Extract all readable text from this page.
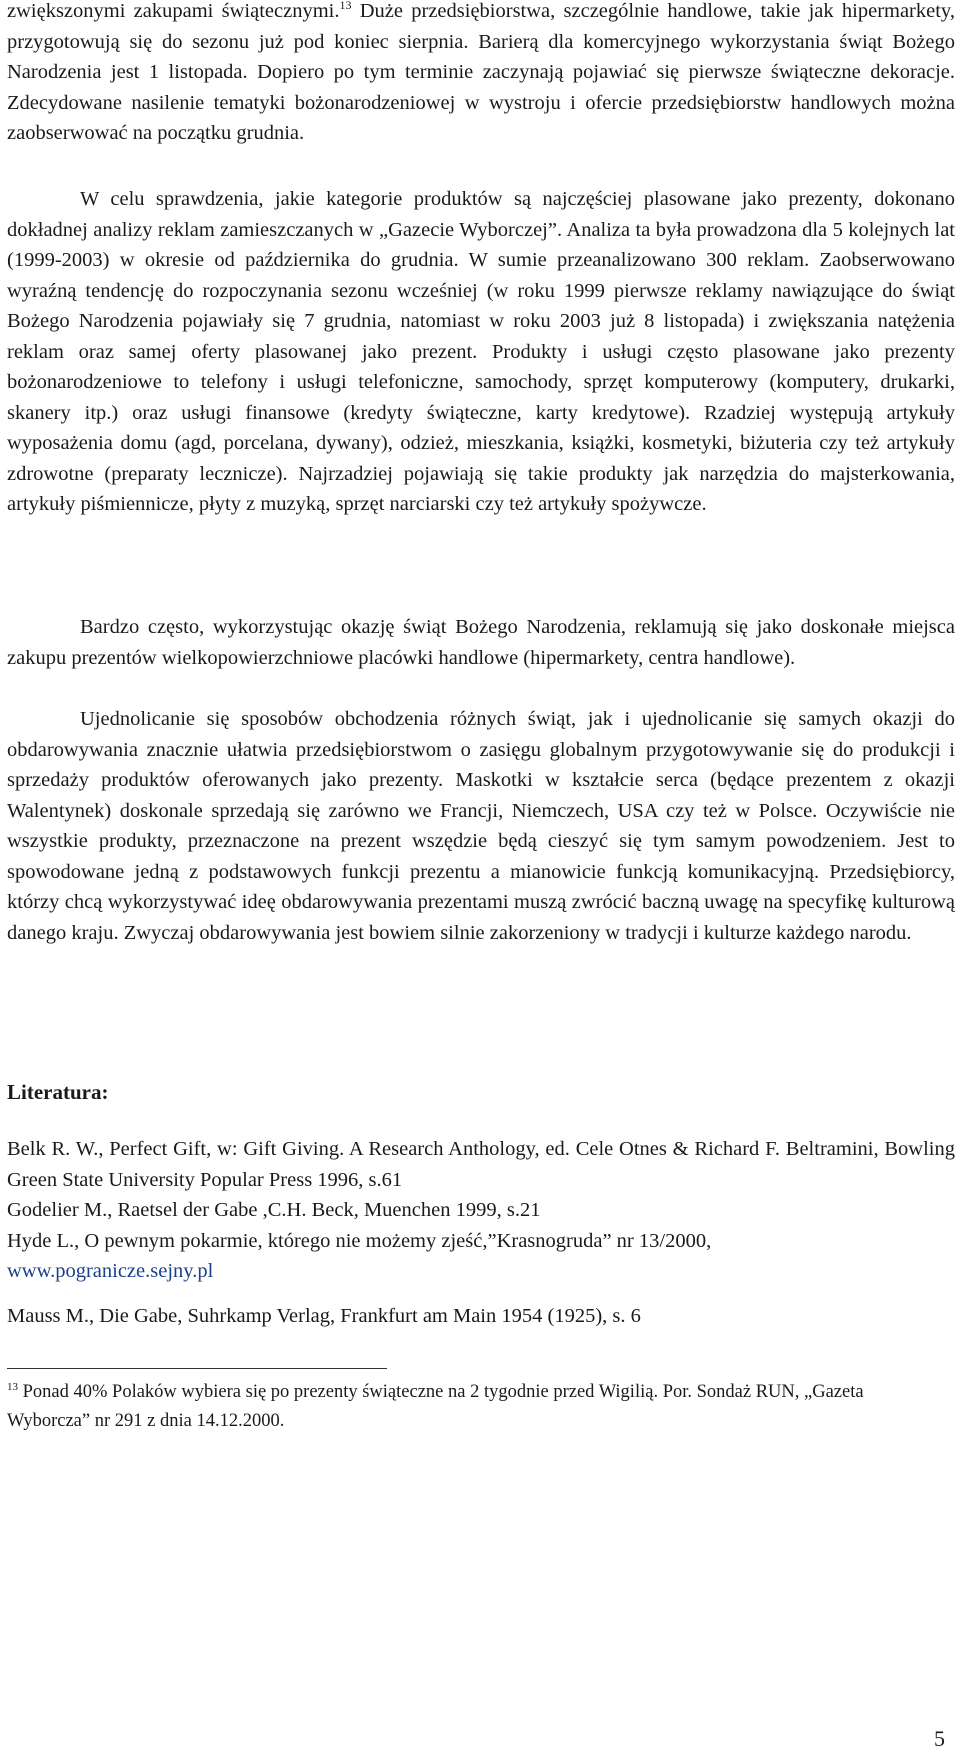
zwiększonymi zakupami świątecznymi.$^{13}$ Duże przedsiębiorstwa, szczególnie handlowe, takie jak hipermarkety, przygotowują się do sezonu już pod koniec sierpnia. Barierą dla komercyjnego wykorzystania świąt Bożego Narodzenia jest 1 listopada. Dopiero po tym terminie zaczynają pojawiać się pierwsze świąteczne dekoracje. Zdecydowane nasilenie tematyki bożonarodzeniowej w wystroju i ofercie przedsiębiorstw handlowych można zaobserwować na początku grudnia.

W celu sprawdzenia, jakie kategorie produktów są najczęściej plasowane jako prezenty, dokonano dokładnej analizy reklam zamieszczanych w „Gazecie Wyborczej”. Analiza ta była prowadzona dla 5 kolejnych lat (1999-2003) w okresie od października do grudnia. W sumie przeanalizowano 300 reklam. Zaobserwowano wyraźną tendencję do rozpoczynania sezonu wcześniej (w roku 1999 pierwsze reklamy nawiązujące do świąt Bożego Narodzenia pojawiały się 7 grudnia, natomiast w roku 2003 już 8 listopada) i zwiększania natężenia reklam oraz samej oferty plasowanej jako prezent. Produkty i usługi często plasowane jako prezenty bożonarodzeniowe to telefony i usługi telefoniczne, samochody, sprzęt komputerowy (komputery, drukarki, skanery itp.) oraz usługi finansowe (kredyty świąteczne, karty kredytowe). Rzadziej występują artykuły wyposażenia domu (agd, porcelana, dywany), odzież, mieszkania, książki, kosmetyki, biżuteria czy też artykuły zdrowotne (preparaty lecznicze). Najrzadziej pojawiają się takie produkty jak narzędzia do majsterkowania, artykuły piśmiennicze, płyty z muzyką, sprzęt narciarski czy też artykuły spożywcze.

Bardzo często, wykorzystując okazję świąt Bożego Narodzenia, reklamują się jako doskonałe miejsca zakupu prezentów wielkopowierzchniowe placówki handlowe (hipermarkety, centra handlowe).

Ujednolicanie się sposobów obchodzenia różnych świąt, jak i ujednolicanie się samych okazji do obdarowywania znacznie ułatwia przedsiębiorstwom o zasięgu globalnym przygotowywanie się do produkcji i sprzedaży produktów oferowanych jako prezenty. Maskotki w kształcie serca (będące prezentem z okazji Walentynek) doskonale sprzedają się zarówno we Francji, Niemczech, USA czy też w Polsce. Oczywiście nie wszystkie produkty, przeznaczone na prezent wszędzie będą cieszyć się tym samym powodzeniem. Jest to spowodowane jedną z podstawowych funkcji prezentu a mianowicie funkcją komunikacyjną. Przedsiębiorcy, którzy chcą wykorzystywać ideę obdarowywania prezentami muszą zwrócić baczną uwagę na specyfikę kulturową danego kraju. Zwyczaj obdarowywania jest bowiem silnie zakorzeniony w tradycji i kulturze każdego narodu.

Literatura:

Belk R. W., Perfect Gift, w: Gift Giving. A Research Anthology, ed. Cele Otnes & Richard F. Beltramini, Bowling Green State University Popular Press 1996, s.61

Godelier M., Raetsel der Gabe ,C.H. Beck, Muenchen 1999, s.21

Hyde L., O pewnym pokarmie, którego nie możemy zjeść,”Krasnogruda” nr 13/2000,
www.pogranicze.sejny.pl

Mauss M., Die Gabe, Suhrkamp Verlag, Frankfurt am Main 1954 (1925), s. 6

$^{13}$ Ponad 40% Polaków wybiera się po prezenty świąteczne na 2 tygodnie przed Wigilią. Por. Sondaż RUN, „Gazeta Wyborcza” nr 291 z dnia 14.12.2000.
5
